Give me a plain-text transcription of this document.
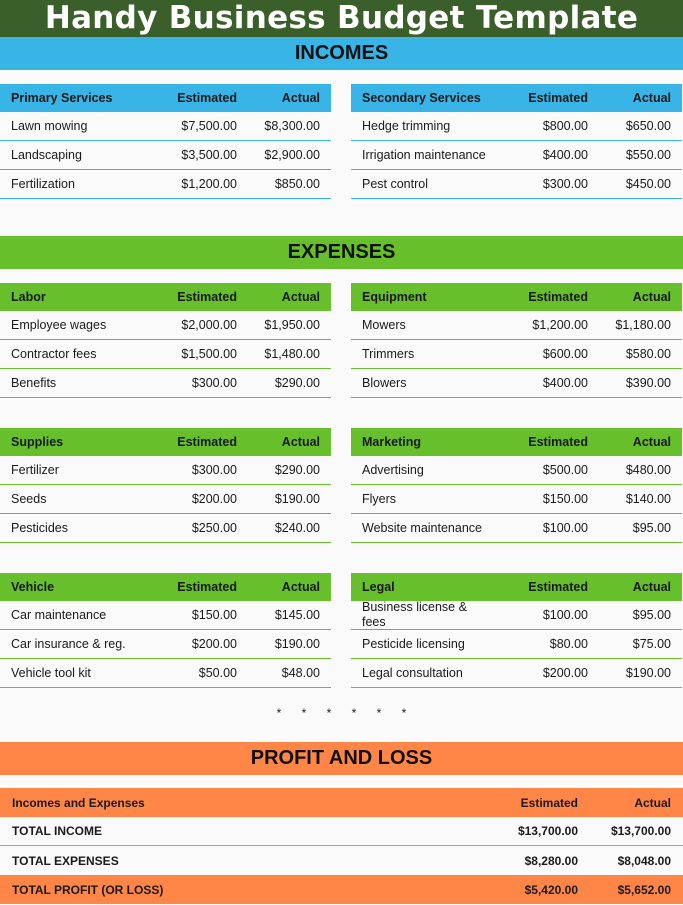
Handy Business Budget Template
INCOMES
Primary Services	Estimated	Actual
Lawn mowing	$7,500.00	$8,300.00
Landscaping	$3,500.00	$2,900.00
Fertilization	$1,200.00	$850.00
Secondary Services	Estimated	Actual
Hedge trimming	$800.00	$650.00
Irrigation maintenance	$400.00	$550.00
Pest control	$300.00	$450.00
EXPENSES
Labor	Estimated	Actual
Employee wages	$2,000.00	$1,950.00
Contractor fees	$1,500.00	$1,480.00
Benefits	$300.00	$290.00
Equipment	Estimated	Actual
Mowers	$1,200.00	$1,180.00
Trimmers	$600.00	$580.00
Blowers	$400.00	$390.00
Supplies	Estimated	Actual
Fertilizer	$300.00	$290.00
Seeds	$200.00	$190.00
Pesticides	$250.00	$240.00
Marketing	Estimated	Actual
Advertising	$500.00	$480.00
Flyers	$150.00	$140.00
Website maintenance	$100.00	$95.00
Vehicle	Estimated	Actual
Car maintenance	$150.00	$145.00
Car insurance & reg.	$200.00	$190.00
Vehicle tool kit	$50.00	$48.00
Legal	Estimated	Actual
Business license & fees	$100.00	$95.00
Pesticide licensing	$80.00	$75.00
Legal consultation	$200.00	$190.00
* * * * * *
PROFIT AND LOSS
Incomes and Expenses	Estimated	Actual
TOTAL INCOME	$13,700.00	$13,700.00
TOTAL EXPENSES	$8,280.00	$8,048.00
TOTAL PROFIT (OR LOSS)	$5,420.00	$5,652.00
